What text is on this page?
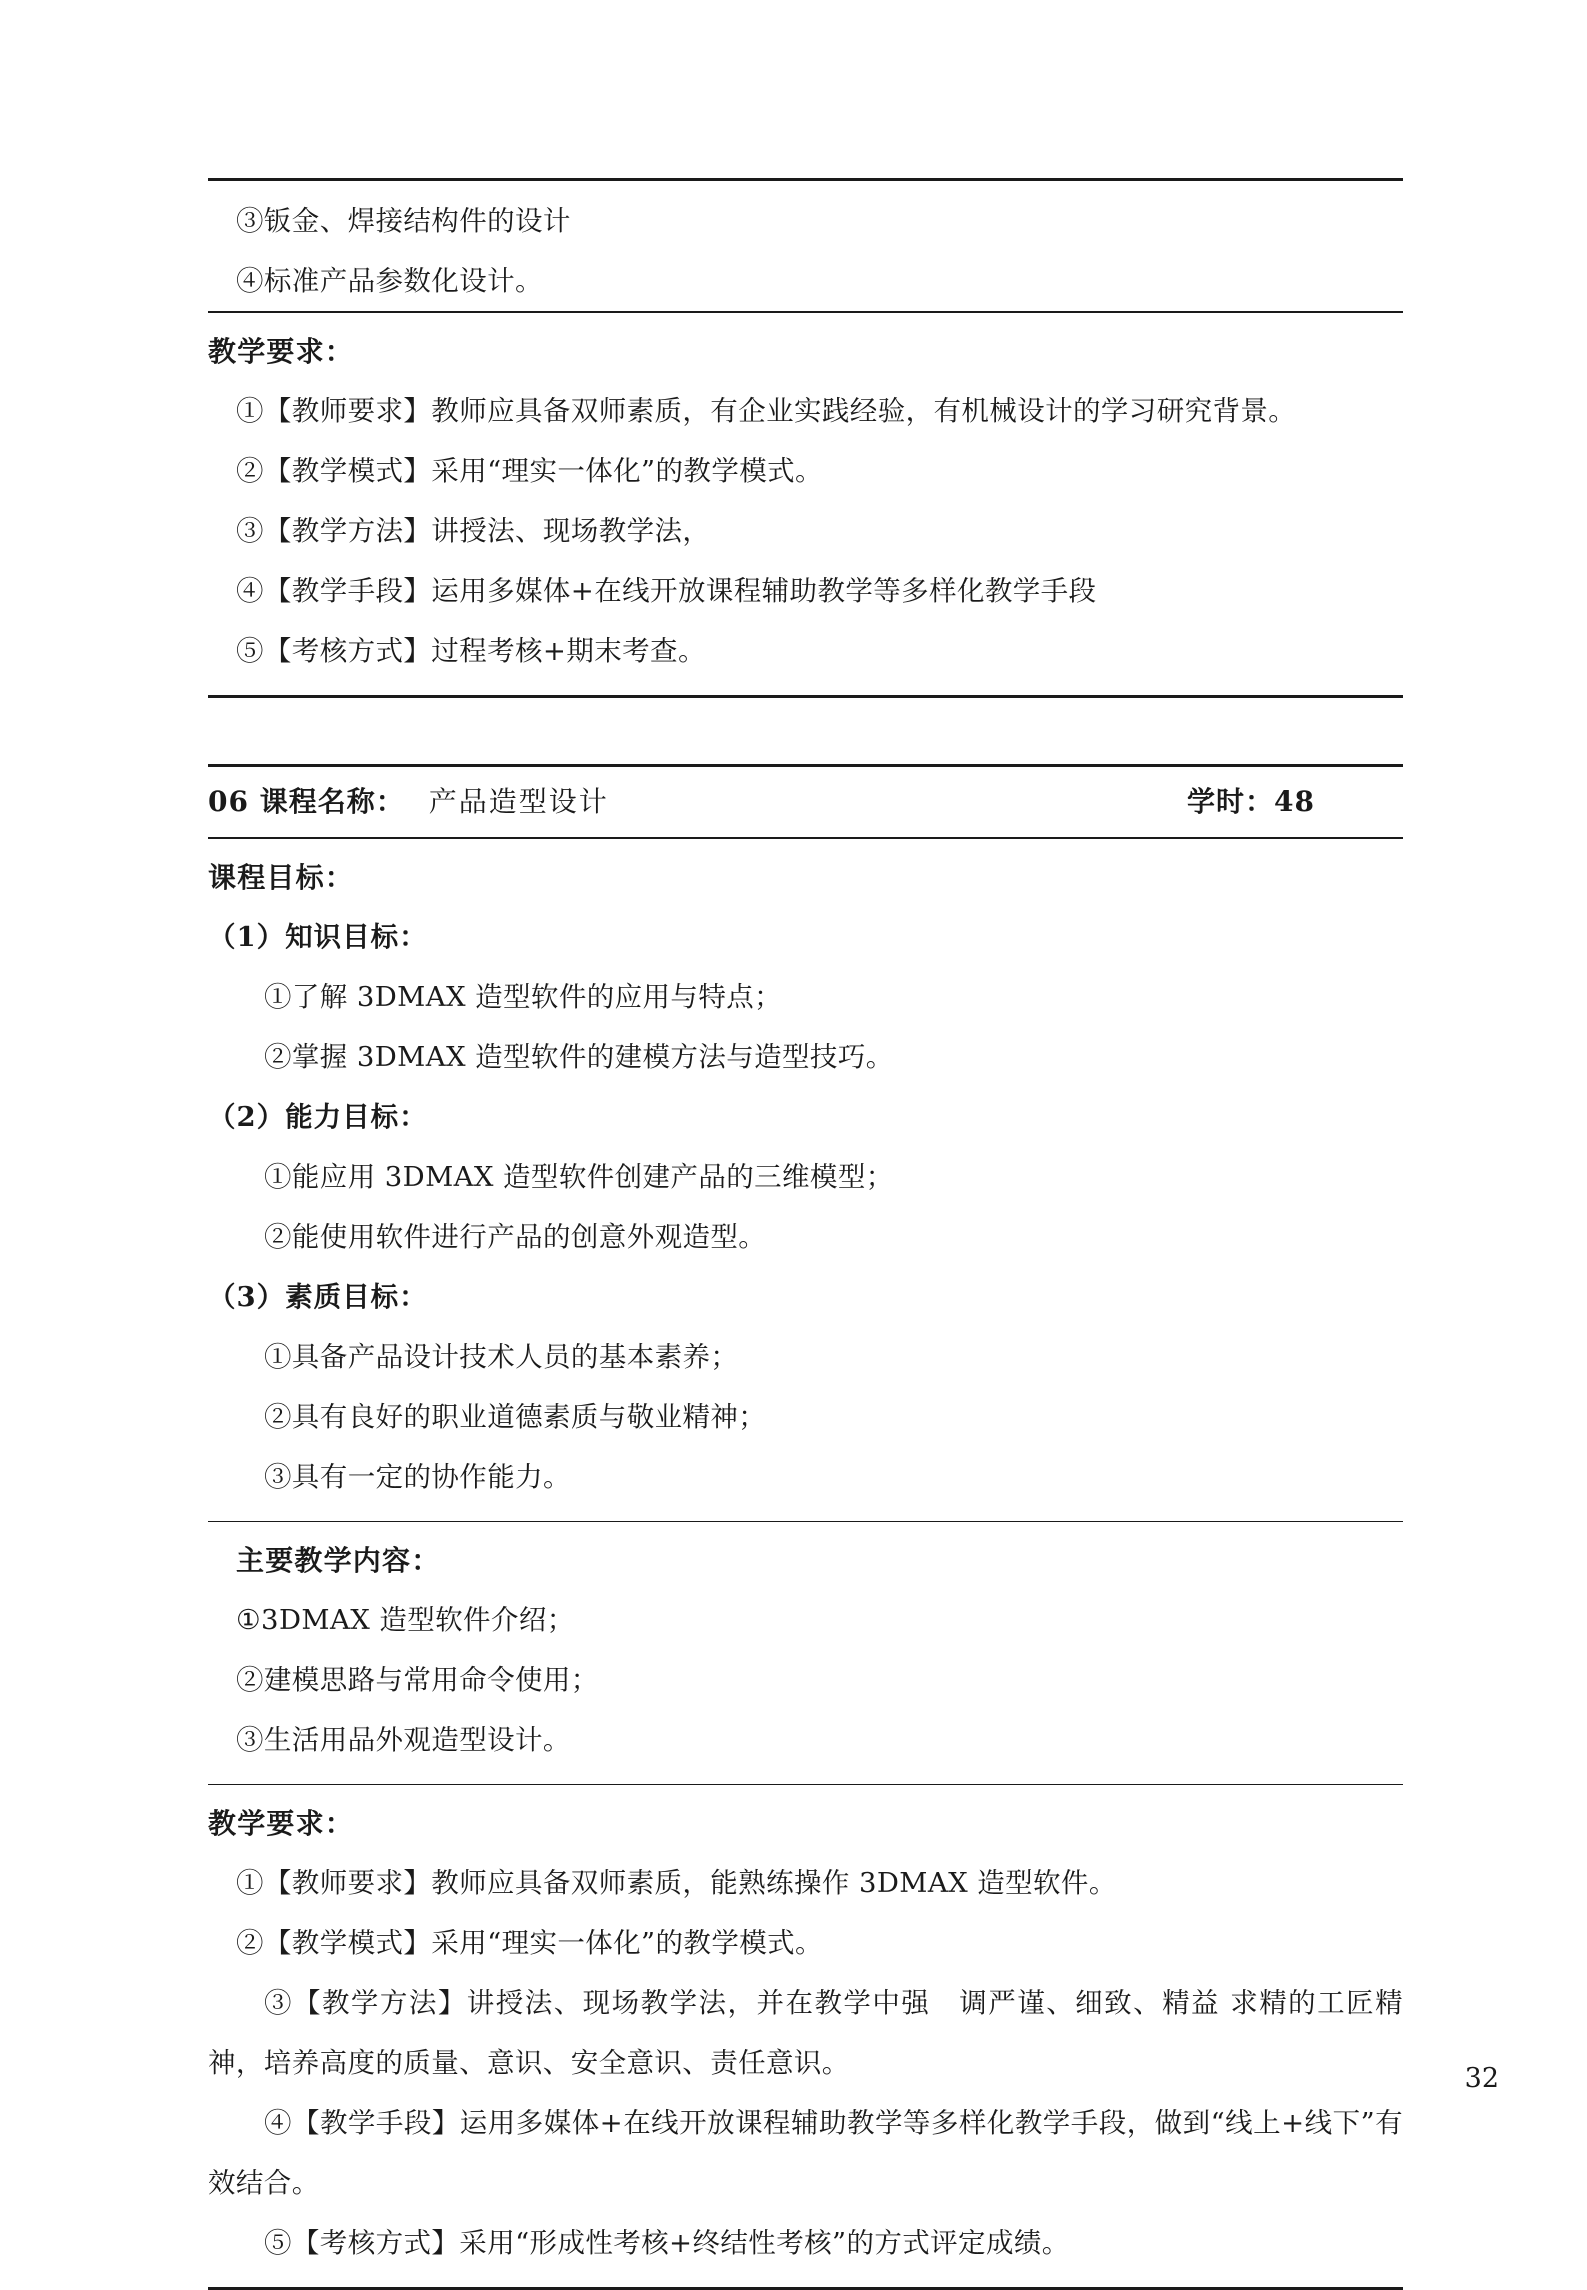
③钣金、焊接结构件的设计
④标准产品参数化设计。
教学要求：
①【教师要求】教师应具备双师素质，有企业实践经验，有机械设计的学习研究背景。
②【教学模式】采用“理实一体化”的教学模式。
③【教学方法】讲授法、现场教学法，
④【教学手段】运用多媒体+在线开放课程辅助教学等多样化教学手段
⑤【考核方式】过程考核+期末考查。
06 课程名称： 产品造型设计	学时：48
课程目标：
（1）知识目标：
①了解 3DMAX 造型软件的应用与特点；
②掌握 3DMAX 造型软件的建模方法与造型技巧。
（2）能力目标：
①能应用 3DMAX 造型软件创建产品的三维模型；
②能使用软件进行产品的创意外观造型。
（3）素质目标：
①具备产品设计技术人员的基本素养；
②具有良好的职业道德素质与敬业精神；
③具有一定的协作能力。
主要教学内容：
①3DMAX 造型软件介绍；
②建模思路与常用命令使用；
③生活用品外观造型设计。
教学要求：
①【教师要求】教师应具备双师素质，能熟练操作 3DMAX 造型软件。
②【教学模式】采用“理实一体化”的教学模式。
③【教学方法】讲授法、现场教学法，并在教学中强　调严谨、细致、精益 求精的工匠精神，培养高度的质量、意识、安全意识、责任意识。
④【教学手段】运用多媒体+在线开放课程辅助教学等多样化教学手段，做到“线上+线下”有效结合。
⑤【考核方式】采用“形成性考核+终结性考核”的方式评定成绩。
32
